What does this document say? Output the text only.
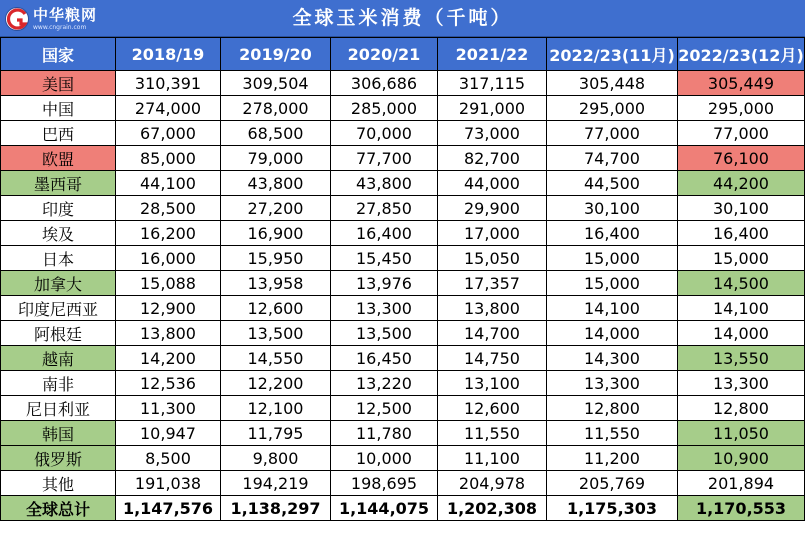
中华粮网
www.cngrain.com	全球玉米消费（千吨）
国家	2018/19	2019/20	2020/21	2021/22	2022/23(11月)	2022/23(12月)
美国	310,391	309,504	306,686	317,115	305,448	305,449
中国	274,000	278,000	285,000	291,000	295,000	295,000
巴西	67,000	68,500	70,000	73,000	77,000	77,000
欧盟	85,000	79,000	77,700	82,700	74,700	76,100
墨西哥	44,100	43,800	43,800	44,000	44,500	44,200
印度	28,500	27,200	27,850	29,900	30,100	30,100
埃及	16,200	16,900	16,400	17,000	16,400	16,400
日本	16,000	15,950	15,450	15,050	15,000	15,000
加拿大	15,088	13,958	13,976	17,357	15,000	14,500
印度尼西亚	12,900	12,600	13,300	13,800	14,100	14,100
阿根廷	13,800	13,500	13,500	14,700	14,000	14,000
越南	14,200	14,550	16,450	14,750	14,300	13,550
南非	12,536	12,200	13,220	13,100	13,300	13,300
尼日利亚	11,300	12,100	12,500	12,600	12,800	12,800
韩国	10,947	11,795	11,780	11,550	11,550	11,050
俄罗斯	8,500	9,800	10,000	11,100	11,200	10,900
其他	191,038	194,219	198,695	204,978	205,769	201,894
全球总计	1,147,576	1,138,297	1,144,075	1,202,308	1,175,303	1,170,553
